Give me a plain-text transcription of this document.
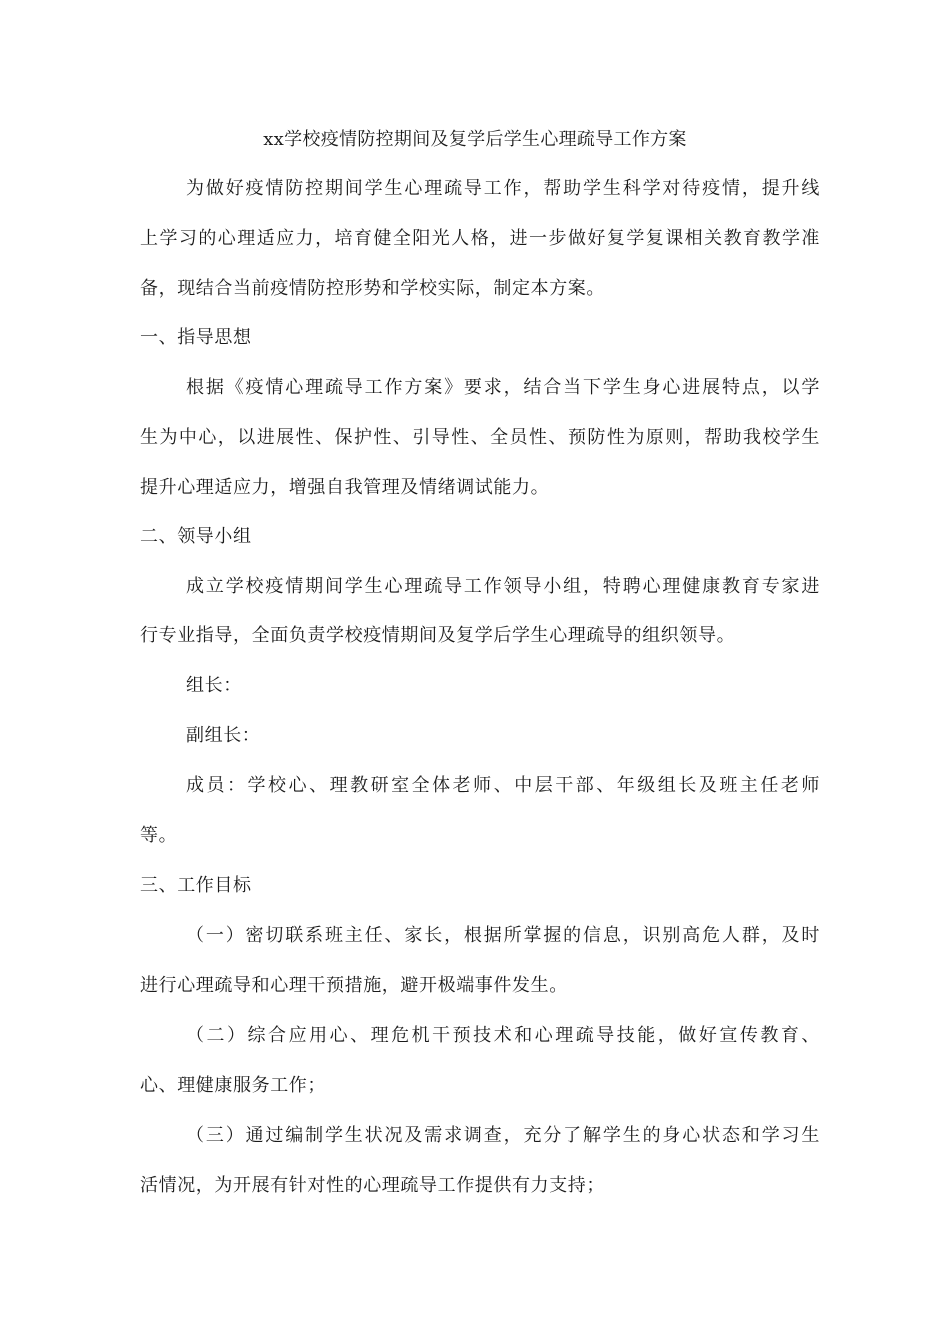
xx学校疫情防控期间及复学后学生心理疏导工作方案
为做好疫情防控期间学生心理疏导工作，帮助学生科学对待疫情，提升线
上学习的心理适应力，培育健全阳光人格，进一步做好复学复课相关教育教学准
备，现结合当前疫情防控形势和学校实际，制定本方案。
一、指导思想
根据《疫情心理疏导工作方案》要求，结合当下学生身心进展特点，以学
生为中心，以进展性、保护性、引导性、全员性、预防性为原则，帮助我校学生
提升心理适应力，增强自我管理及情绪调试能力。
二、领导小组
成立学校疫情期间学生心理疏导工作领导小组，特聘心理健康教育专家进
行专业指导，全面负责学校疫情期间及复学后学生心理疏导的组织领导。
组长：
副组长：
成员：学校心、理教研室全体老师、中层干部、年级组长及班主任老师
等。
三、工作目标
（一）密切联系班主任、家长，根据所掌握的信息，识别高危人群，及时
进行心理疏导和心理干预措施，避开极端事件发生。
（二）综合应用心、理危机干预技术和心理疏导技能，做好宣传教育、
心、理健康服务工作；
（三）通过编制学生状况及需求调查，充分了解学生的身心状态和学习生
活情况，为开展有针对性的心理疏导工作提供有力支持；
